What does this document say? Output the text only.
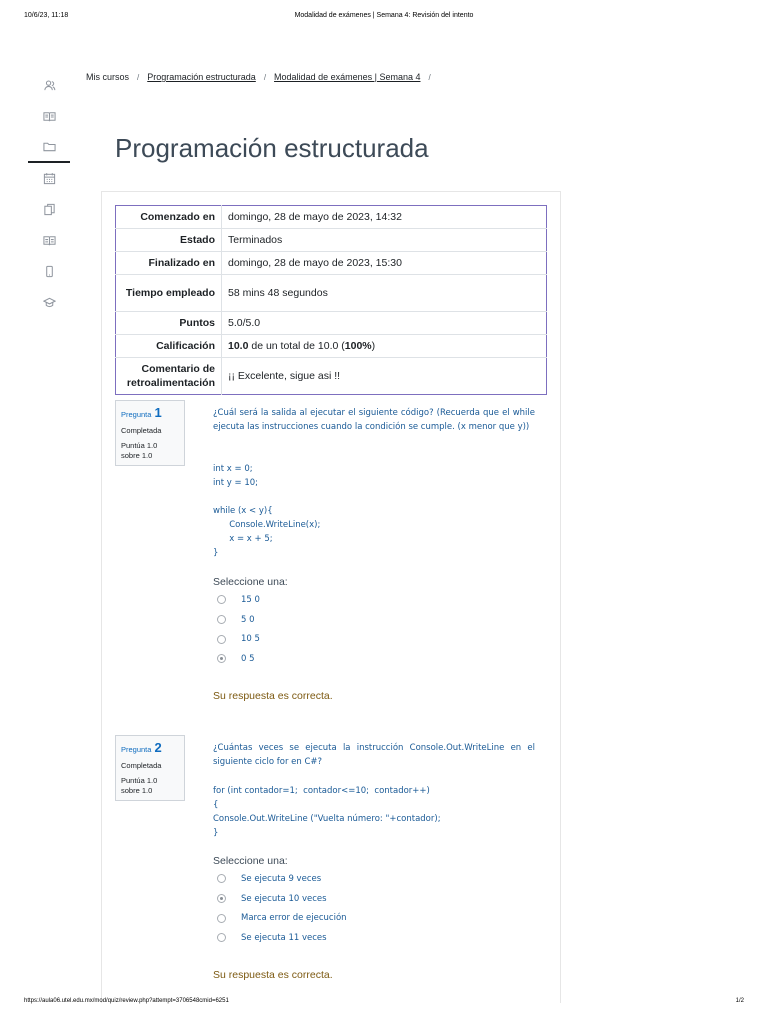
10/6/23, 11:18	Modalidad de exámenes | Semana 4: Revisión del intento
Mis cursos / Programación estructurada / Modalidad de exámenes | Semana 4 /
Programación estructurada
Comenzado en	domingo, 28 de mayo de 2023, 14:32
Estado	Terminados
Finalizado en	domingo, 28 de mayo de 2023, 15:30
Tiempo empleado	58 mins 48 segundos
Puntos	5.0/5.0
Calificación	10.0 de un total de 10.0 (100%)
Comentario de retroalimentación	¡¡ Excelente, sigue asi !!
Pregunta 1
Completada
Puntúa 1.0
sobre 1.0
¿Cuál será la salida al ejecutar el siguiente código? (Recuerda que el while ejecuta las instrucciones cuando la condición se cumple. (x menor que y))
int x = 0;
int y = 10;

while (x < y){
Console.WriteLine(x);
x = x + 5;
}
Seleccione una:
15 0
5 0
10 5
0 5
Su respuesta es correcta.
Pregunta 2
Completada
Puntúa 1.0
sobre 1.0
¿Cuántas veces se ejecuta la instrucción Console.Out.WriteLine en el siguiente ciclo for en C#?
for (int contador=1;  contador<=10;  contador++)
{
Console.Out.WriteLine ("Vuelta número: "+contador);
}
Seleccione una:
Se ejecuta 9 veces
Se ejecuta 10 veces
Marca error de ejecución
Se ejecuta 11 veces
Su respuesta es correcta.
https://aula06.utel.edu.mx/mod/quiz/review.php?attempt=3706548cmid=6251	1/2
